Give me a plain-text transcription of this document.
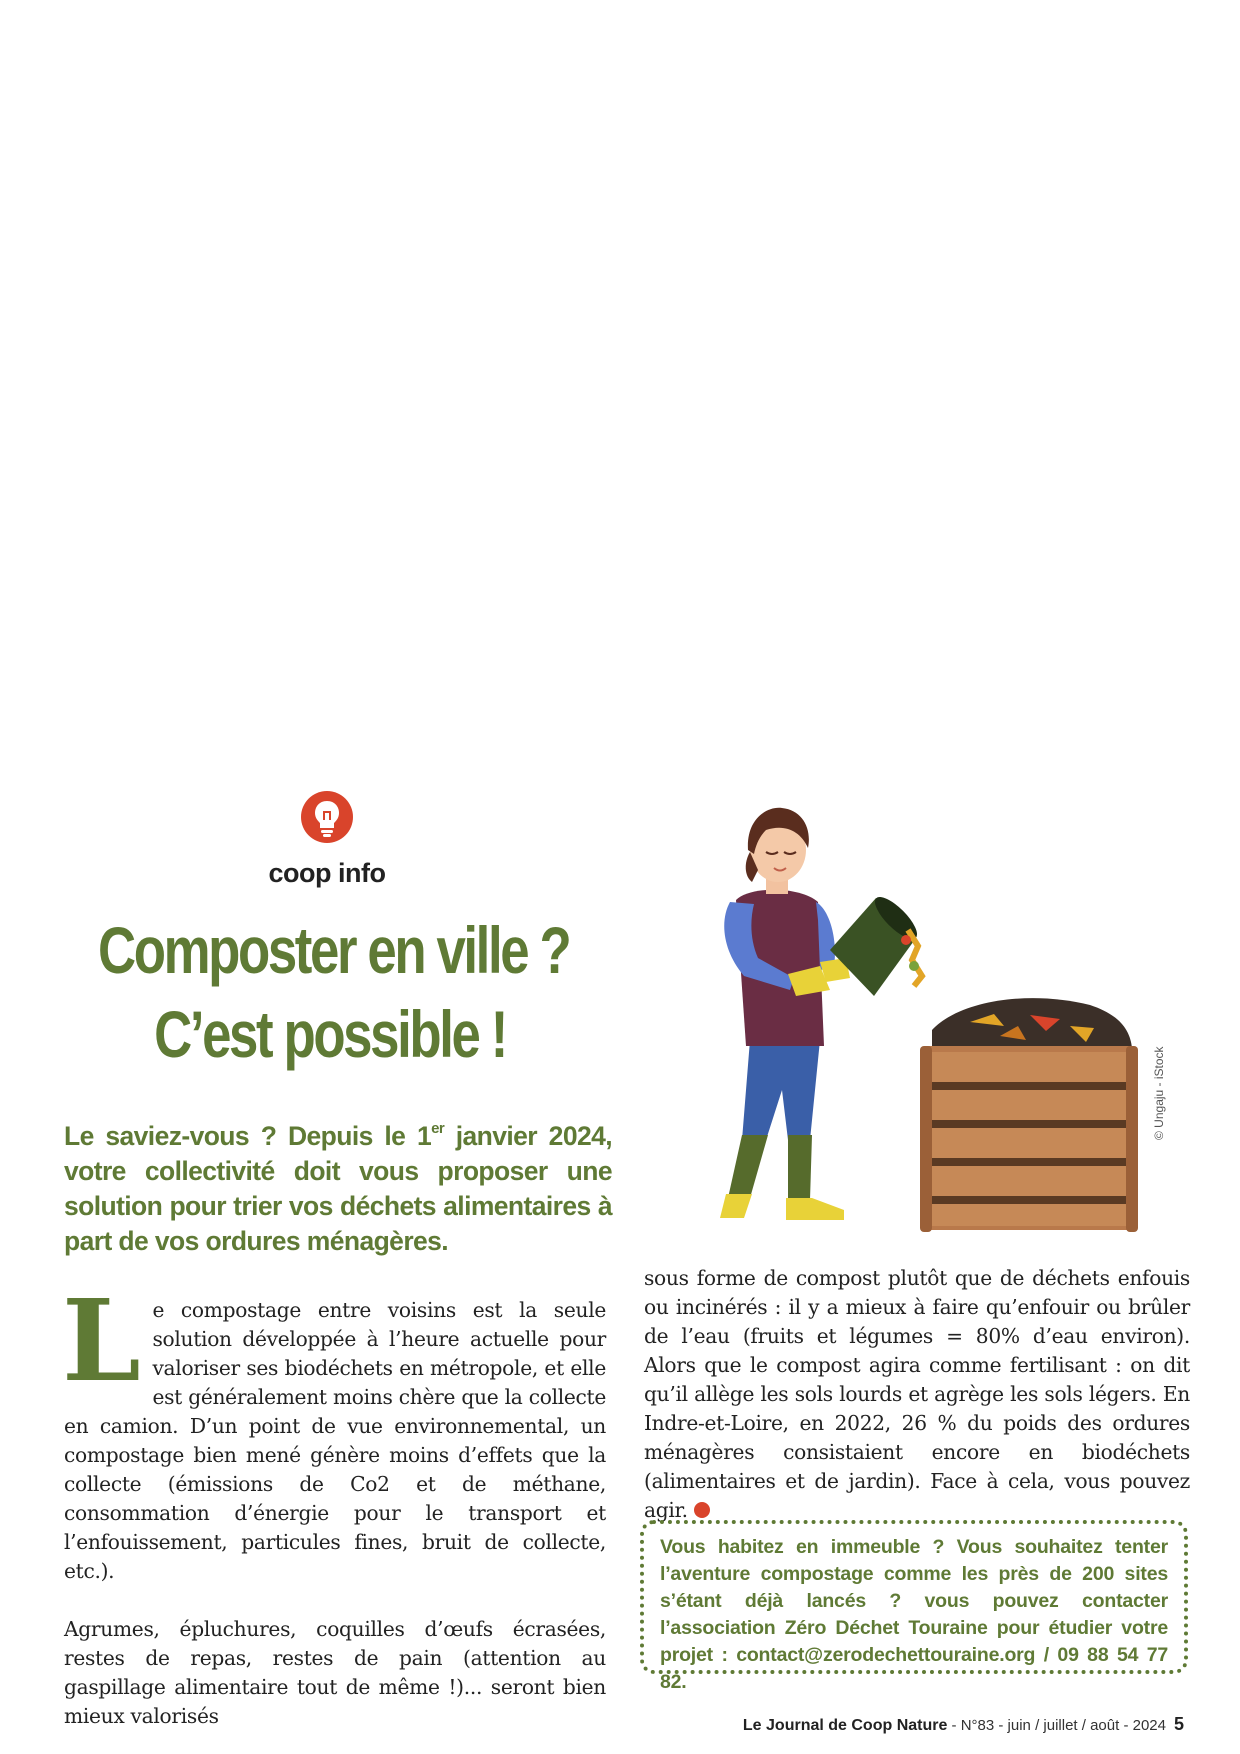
coop info
Composter en ville ?
C’est possible !
Le saviez-vous ? Depuis le 1er janvier 2024, votre collectivité doit vous proposer une solution pour trier vos déchets alimentaires à part de vos ordures ménagères.

Le compostage entre voisins est la seule solution développée à l’heure actuelle pour valoriser ses biodéchets en métropole, et elle est généralement moins chère que la collecte en camion. D’un point de vue environnemental, un compostage bien mené génère moins d’effets que la collecte (émissions de Co2 et de méthane, consommation d’énergie pour le transport et l’enfouissement, particules fines, bruit de collecte, etc.).

Agrumes, épluchures, coquilles d’œufs écrasées, restes de repas, restes de pain (attention au gaspillage alimentaire tout de même !)... seront bien mieux valorisés

© Ungaju - iStock

sous forme de compost plutôt que de déchets enfouis ou incinérés : il y a mieux à faire qu’enfouir ou brûler de l’eau (fruits et légumes = 80% d’eau environ). Alors que le compost agira comme fertilisant : on dit qu’il allège les sols lourds et agrège les sols légers. En Indre-et-Loire, en 2022, 26 % du poids des ordures ménagères consistaient encore en biodéchets (alimentaires et de jardin). Face à cela, vous pouvez agir.

Vous habitez en immeuble ? Vous souhaitez tenter l’aventure compostage comme les près de 200 sites s’étant déjà lancés ? vous pouvez contacter l’association Zéro Déchet Touraine pour étudier votre projet : contact@zerodechettouraine.org / 09 88 54 77 82.
Le Journal de Coop Nature - N°83 - juin / juillet / août - 2024 5
